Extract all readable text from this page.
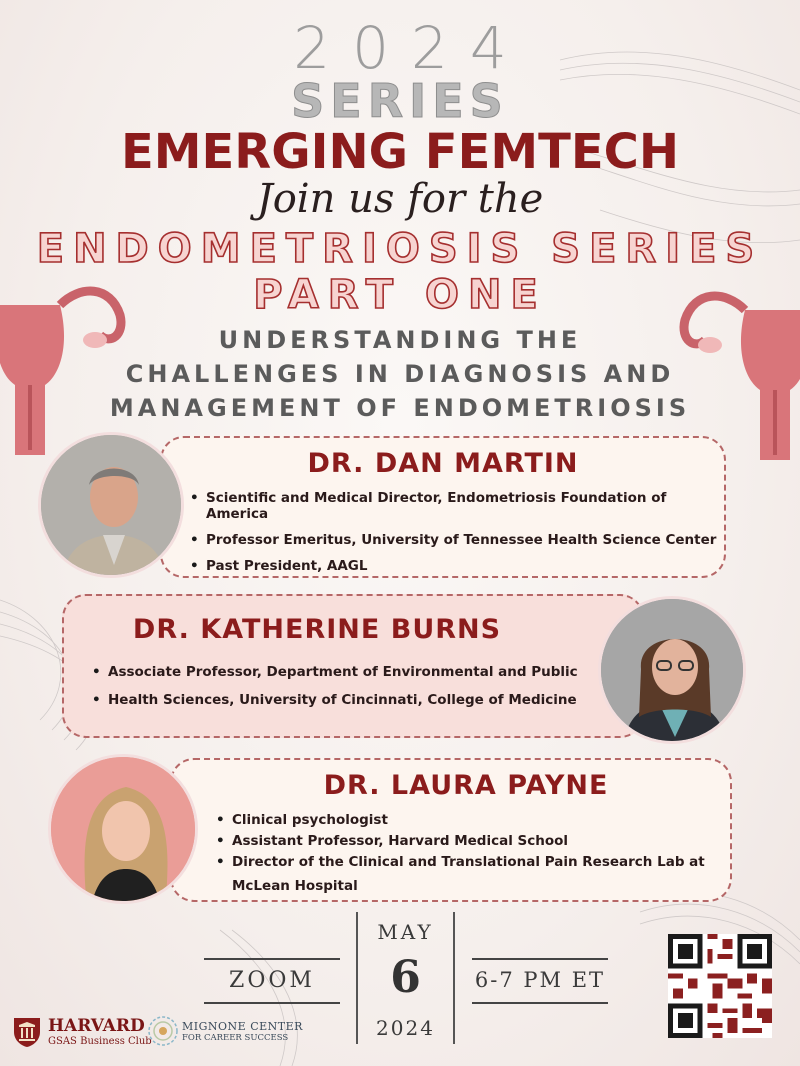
2024
SERIES
EMERGING FEMTECH
Join us for the
ENDOMETRIOSIS SERIES
PART ONE
UNDERSTANDING THE
CHALLENGES IN DIAGNOSIS AND
MANAGEMENT OF ENDOMETRIOSIS
DR. DAN MARTIN
• Scientific and Medical Director, Endometriosis Foundation of America
• Professor Emeritus, University of Tennessee Health Science Center
• Past President, AAGL
DR. KATHERINE BURNS
• Associate Professor, Department of Environmental and Public
• Health Sciences, University of Cincinnati, College of Medicine
DR. LAURA PAYNE
• Clinical psychologist
• Assistant Professor, Harvard Medical School
• Director of the Clinical and Translational Pain Research Lab at
McLean Hospital
ZOOM
MAY
6
2024
6-7 PM ET
HARVARD
GSAS Business Club
MIGNONE CENTER
FOR CAREER SUCCESS
